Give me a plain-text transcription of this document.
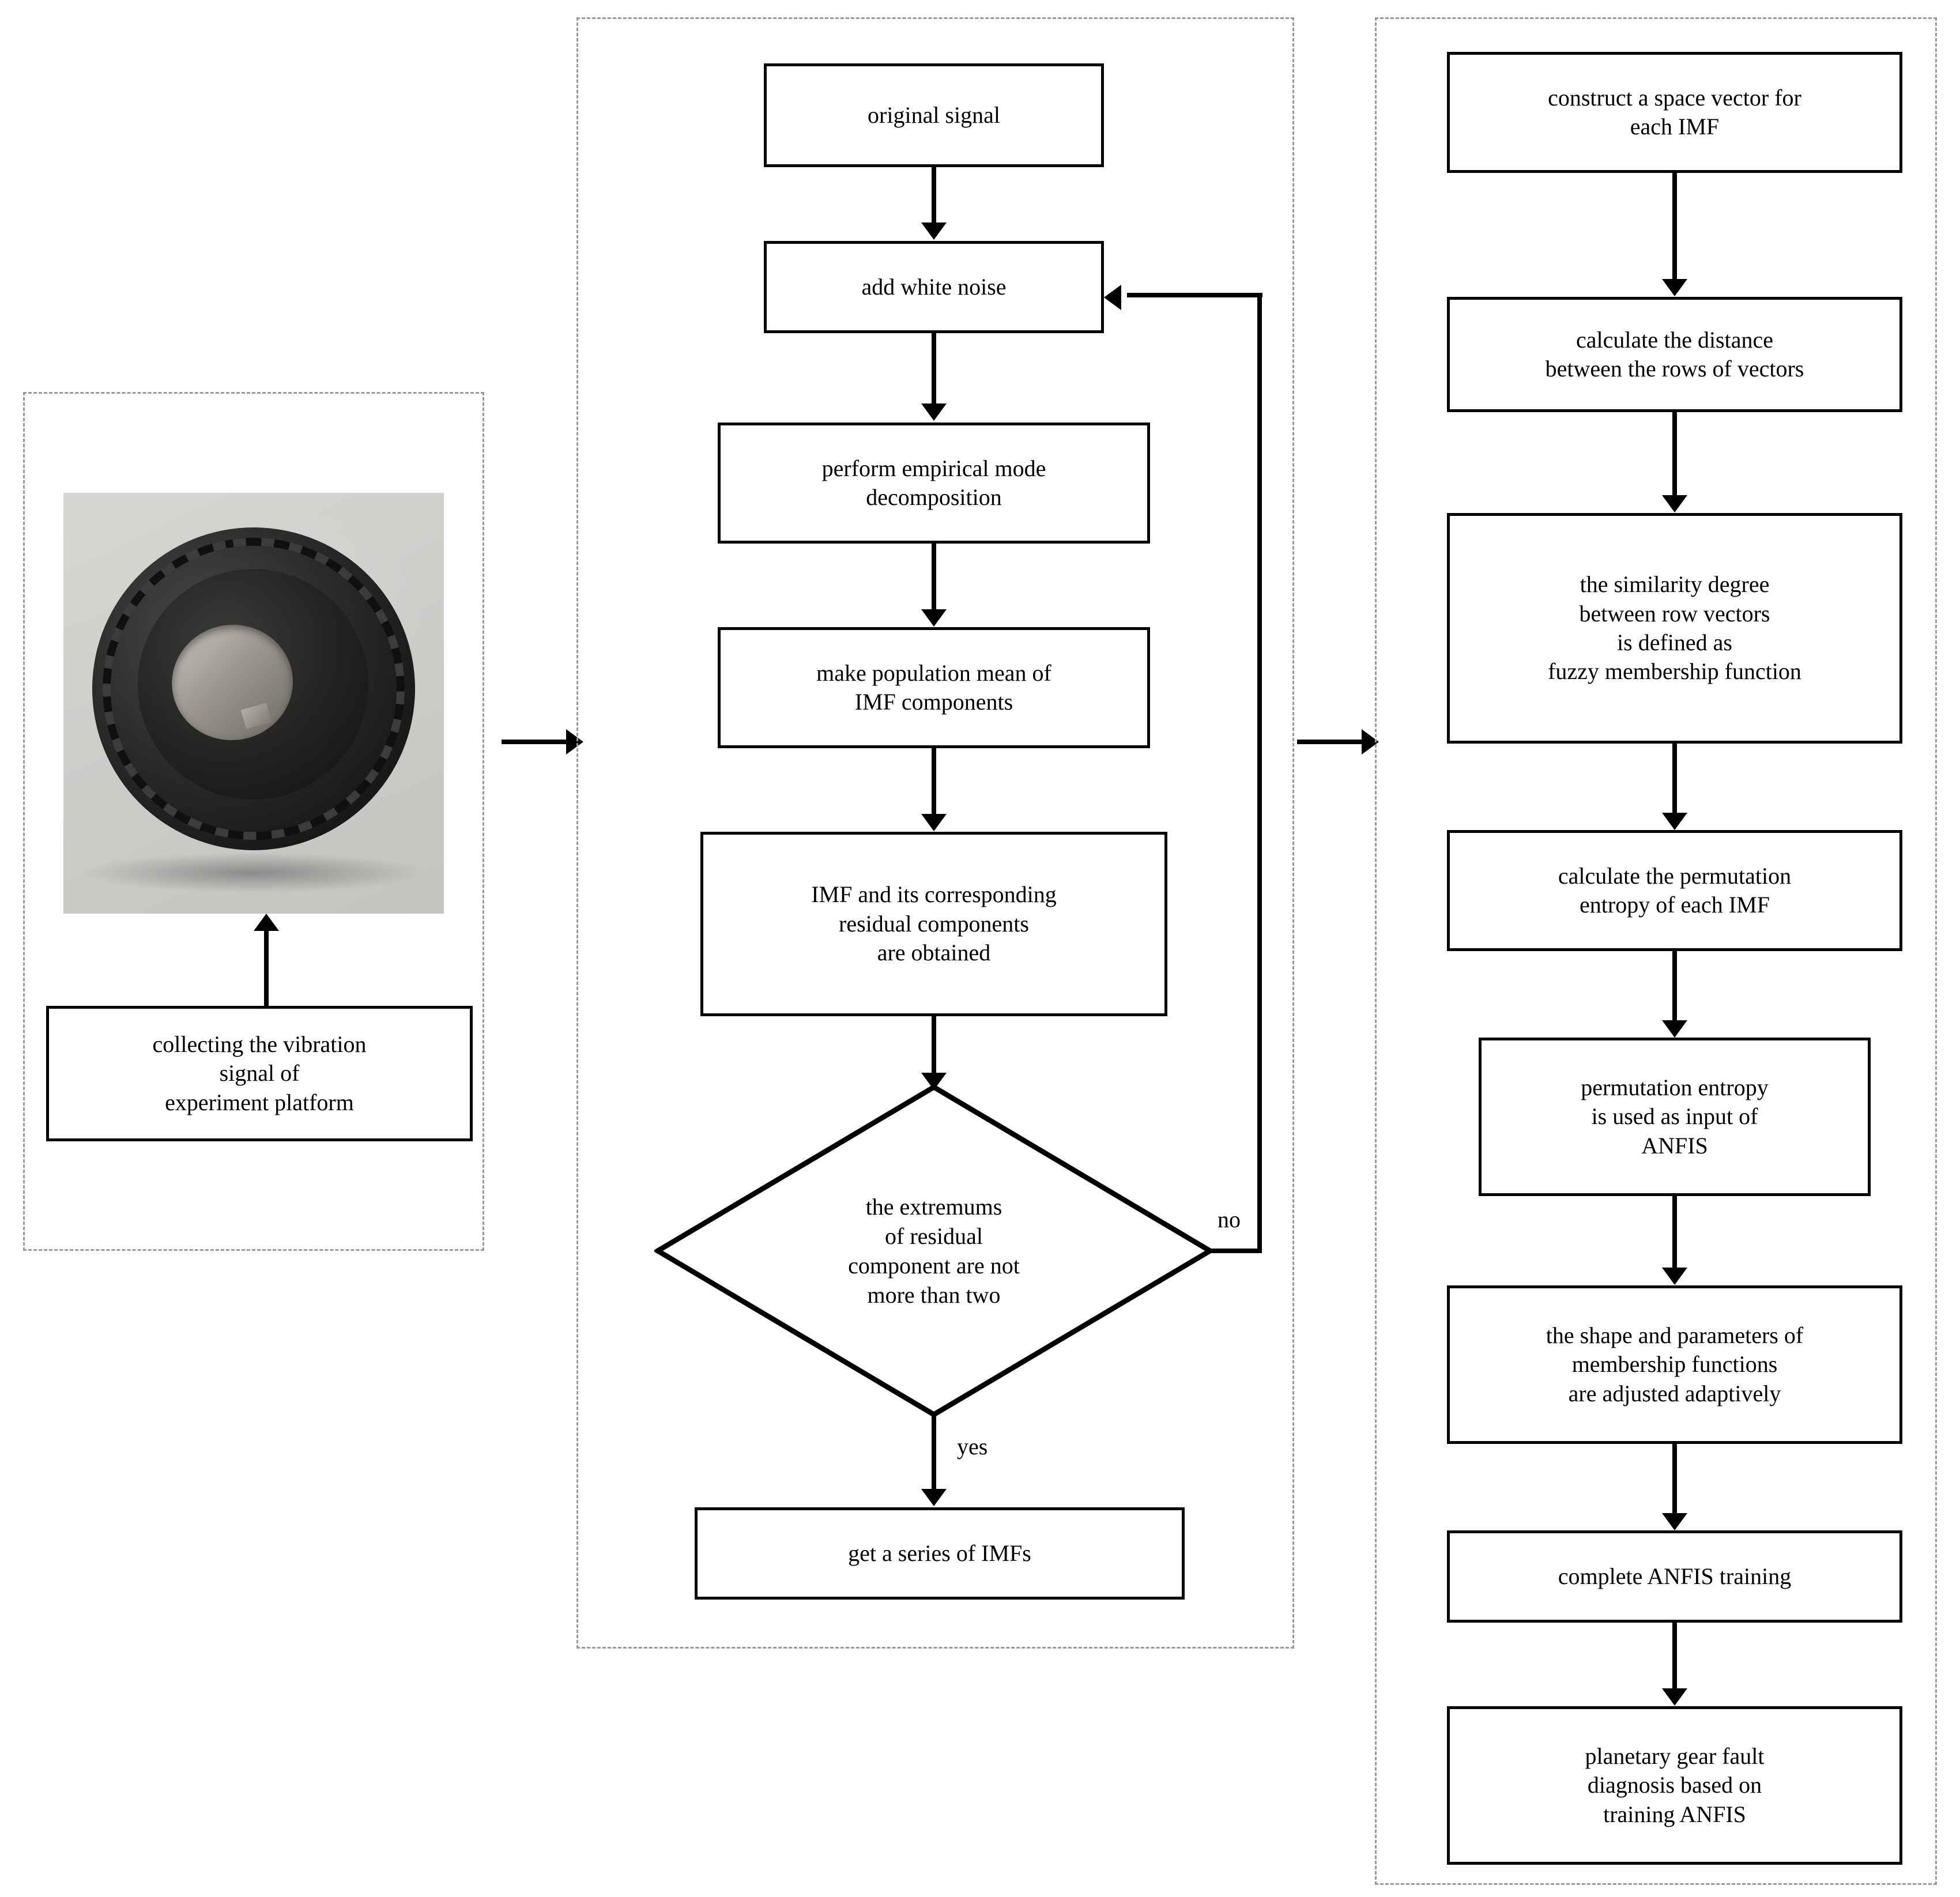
collecting the vibration
signal of
experiment platform
original signal
add white noise
perform empirical mode
decomposition
make population mean of
IMF components
IMF and its corresponding
residual components
are obtained
the extremums
of residual
component are not
more than two
no
yes
get a series of IMFs
construct a space vector for
each IMF
calculate the distance
between the rows of vectors
the similarity degree
between row vectors
is defined as
fuzzy membership function
calculate the permutation
entropy of each IMF
permutation entropy
is used as input of
ANFIS
the shape and parameters of
membership functions
are adjusted adaptively
complete ANFIS training
planetary gear fault
diagnosis based on
training ANFIS
